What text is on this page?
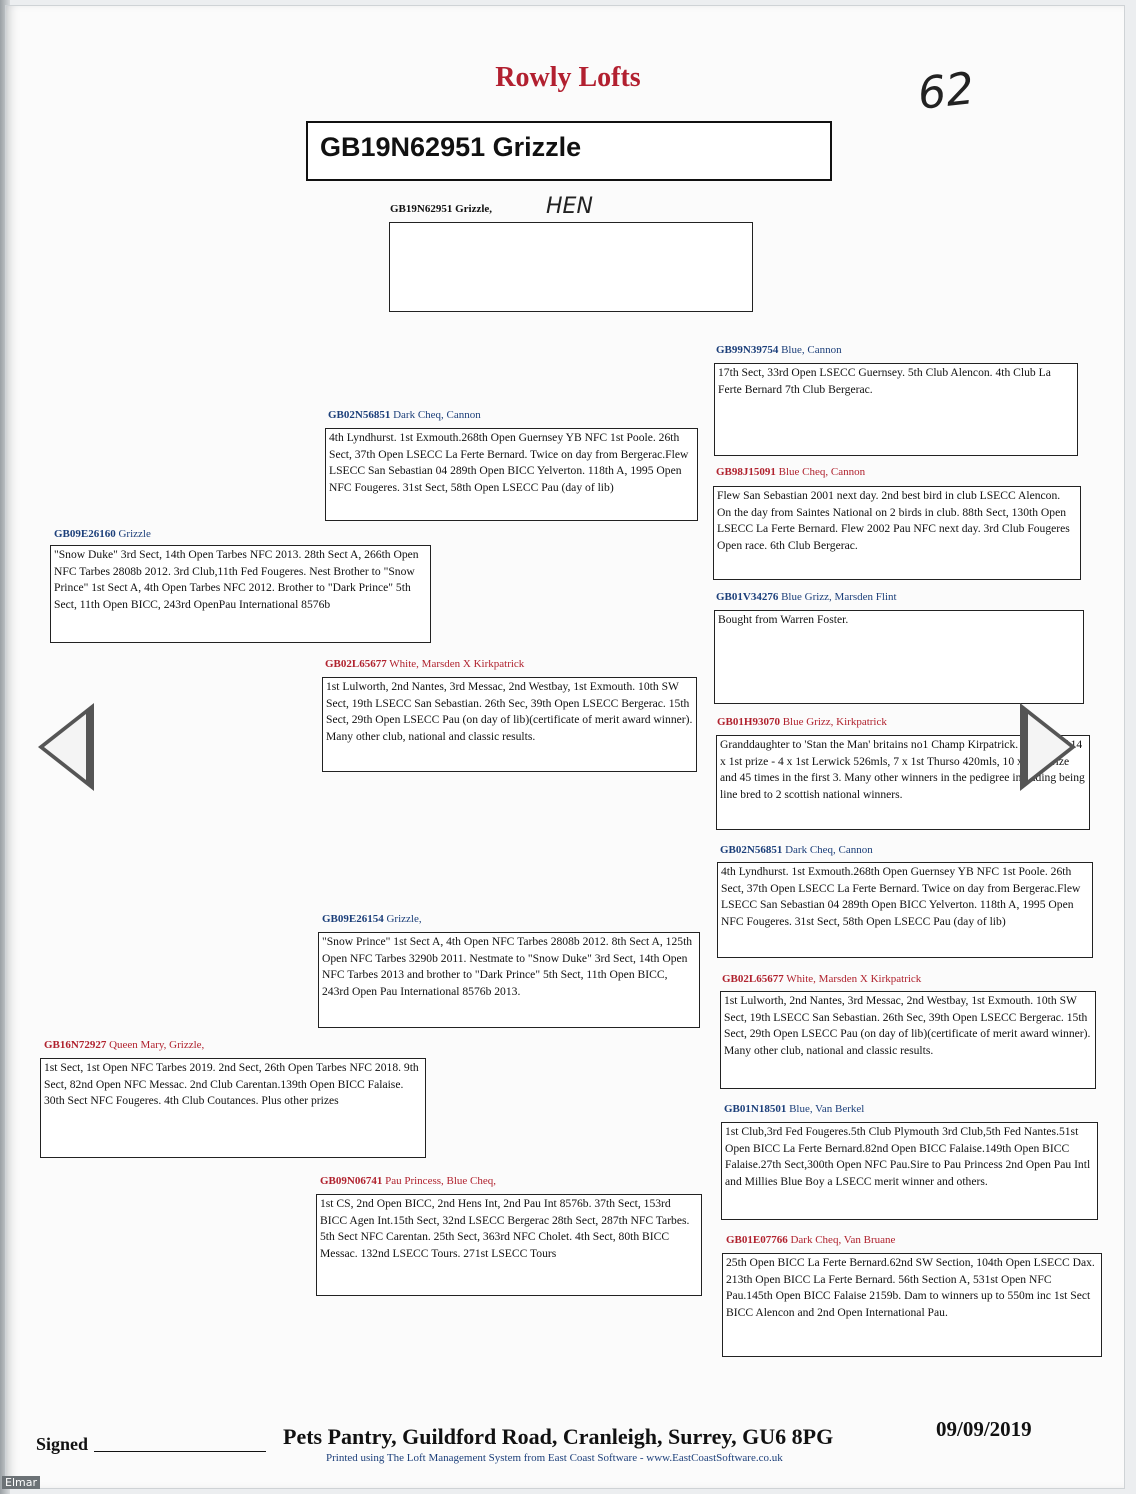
Rowly Lofts	62
GB19N62951 Grizzle
GB19N62951 Grizzle, HEN
GB09E26160 Grizzle
"Snow Duke" 3rd Sect, 14th Open Tarbes NFC 2013. 28th Sect A, 266th Open NFC Tarbes 2808b 2012. 3rd Club,11th Fed Fougeres. Nest Brother to "Snow Prince" 1st Sect A, 4th Open Tarbes NFC 2012. Brother to "Dark Prince" 5th Sect, 11th Open BICC, 243rd OpenPau International 8576b
GB02N56851 Dark Cheq, Cannon
4th Lyndhurst. 1st Exmouth.268th Open Guernsey YB NFC 1st Poole. 26th Sect, 37th Open LSECC La Ferte Bernard. Twice on day from Bergerac.Flew LSECC San Sebastian 04 289th Open BICC Yelverton. 118th A, 1995 Open NFC Fougeres. 31st Sect, 58th Open LSECC Pau (day of lib)
GB02L65677 White, Marsden X Kirkpatrick
1st Lulworth, 2nd Nantes, 3rd Messac, 2nd Westbay, 1st Exmouth. 10th SW Sect, 19th LSECC San Sebastian. 26th Sec, 39th Open LSECC Bergerac. 15th Sect, 29th Open LSECC Pau (on day of lib)(certificate of merit award winner). Many other club, national and classic results.
GB99N39754 Blue, Cannon
17th Sect, 33rd Open LSECC Guernsey. 5th Club Alencon. 4th Club La Ferte Bernard 7th Club Bergerac.
GB98J15091 Blue Cheq, Cannon
Flew San Sebastian 2001 next day. 2nd best bird in club LSECC Alencon. On the day from Saintes National on 2 birds in club. 88th Sect, 130th Open LSECC La Ferte Bernard. Flew 2002 Pau NFC next day. 3rd Club Fougeres Open race. 6th Club Bergerac.
GB01V34276 Blue Grizz, Marsden Flint
Bought from Warren Foster.
GB01H93070 Blue Grizz, Kirkpatrick
Granddaughter to 'Stan the Man' britains no1 Champ Kirpatrick. Winner of 14 x 1st prize - 4 x 1st Lerwick 526mls, 7 x 1st Thurso 420mls, 10 x 2nd prize and 45 times in the first 3. Many other winners in the pedigree including being line bred to 2 scottish national winners.
GB16N72927 Queen Mary, Grizzle,
1st Sect, 1st Open NFC Tarbes 2019. 2nd Sect, 26th Open Tarbes NFC 2018. 9th Sect, 82nd Open NFC Messac. 2nd Club Carentan.139th Open BICC Falaise. 30th Sect NFC Fougeres. 4th Club Coutances. Plus other prizes
GB09E26154 Grizzle,
"Snow Prince" 1st Sect A, 4th Open NFC Tarbes 2808b 2012. 8th Sect A, 125th Open NFC Tarbes 3290b 2011. Nestmate to "Snow Duke" 3rd Sect, 14th Open NFC Tarbes 2013 and brother to "Dark Prince" 5th Sect, 11th Open BICC, 243rd Open Pau International 8576b 2013.
GB09N06741 Pau Princess, Blue Cheq,
1st CS, 2nd Open BICC, 2nd Hens Int, 2nd Pau Int 8576b. 37th Sect, 153rd BICC Agen Int.15th Sect, 32nd LSECC Bergerac 28th Sect, 287th NFC Tarbes. 5th Sect NFC Carentan. 25th Sect, 363rd NFC Cholet. 4th Sect, 80th BICC Messac. 132nd LSECC Tours. 271st LSECC Tours
GB02N56851 Dark Cheq, Cannon
4th Lyndhurst. 1st Exmouth.268th Open Guernsey YB NFC 1st Poole. 26th Sect, 37th Open LSECC La Ferte Bernard. Twice on day from Bergerac.Flew LSECC San Sebastian 04 289th Open BICC Yelverton. 118th A, 1995 Open NFC Fougeres. 31st Sect, 58th Open LSECC Pau (day of lib)
GB02L65677 White, Marsden X Kirkpatrick
1st Lulworth, 2nd Nantes, 3rd Messac, 2nd Westbay, 1st Exmouth. 10th SW Sect, 19th LSECC San Sebastian. 26th Sec, 39th Open LSECC Bergerac. 15th Sect, 29th Open LSECC Pau (on day of lib)(certificate of merit award winner). Many other club, national and classic results.
GB01N18501 Blue, Van Berkel
1st Club,3rd Fed Fougeres.5th Club Plymouth 3rd Club,5th Fed Nantes.51st Open BICC La Ferte Bernard.82nd Open BICC Falaise.149th Open BICC Falaise.27th Sect,300th Open NFC Pau.Sire to Pau Princess 2nd Open Pau Intl and Millies Blue Boy a LSECC merit winner and others.
GB01E07766 Dark Cheq, Van Bruane
25th Open BICC La Ferte Bernard.62nd SW Section, 104th Open LSECC Dax. 213th Open BICC La Ferte Bernard. 56th Section A, 531st Open NFC Pau.145th Open BICC Falaise 2159b. Dam to winners up to 550m inc 1st Sect BICC Alencon and 2nd Open International Pau.
Signed	Pets Pantry, Guildford Road, Cranleigh, Surrey, GU6 8PG	09/09/2019
Printed using The Loft Management System from East Coast Software - www.EastCoastSoftware.co.uk
Elmar
